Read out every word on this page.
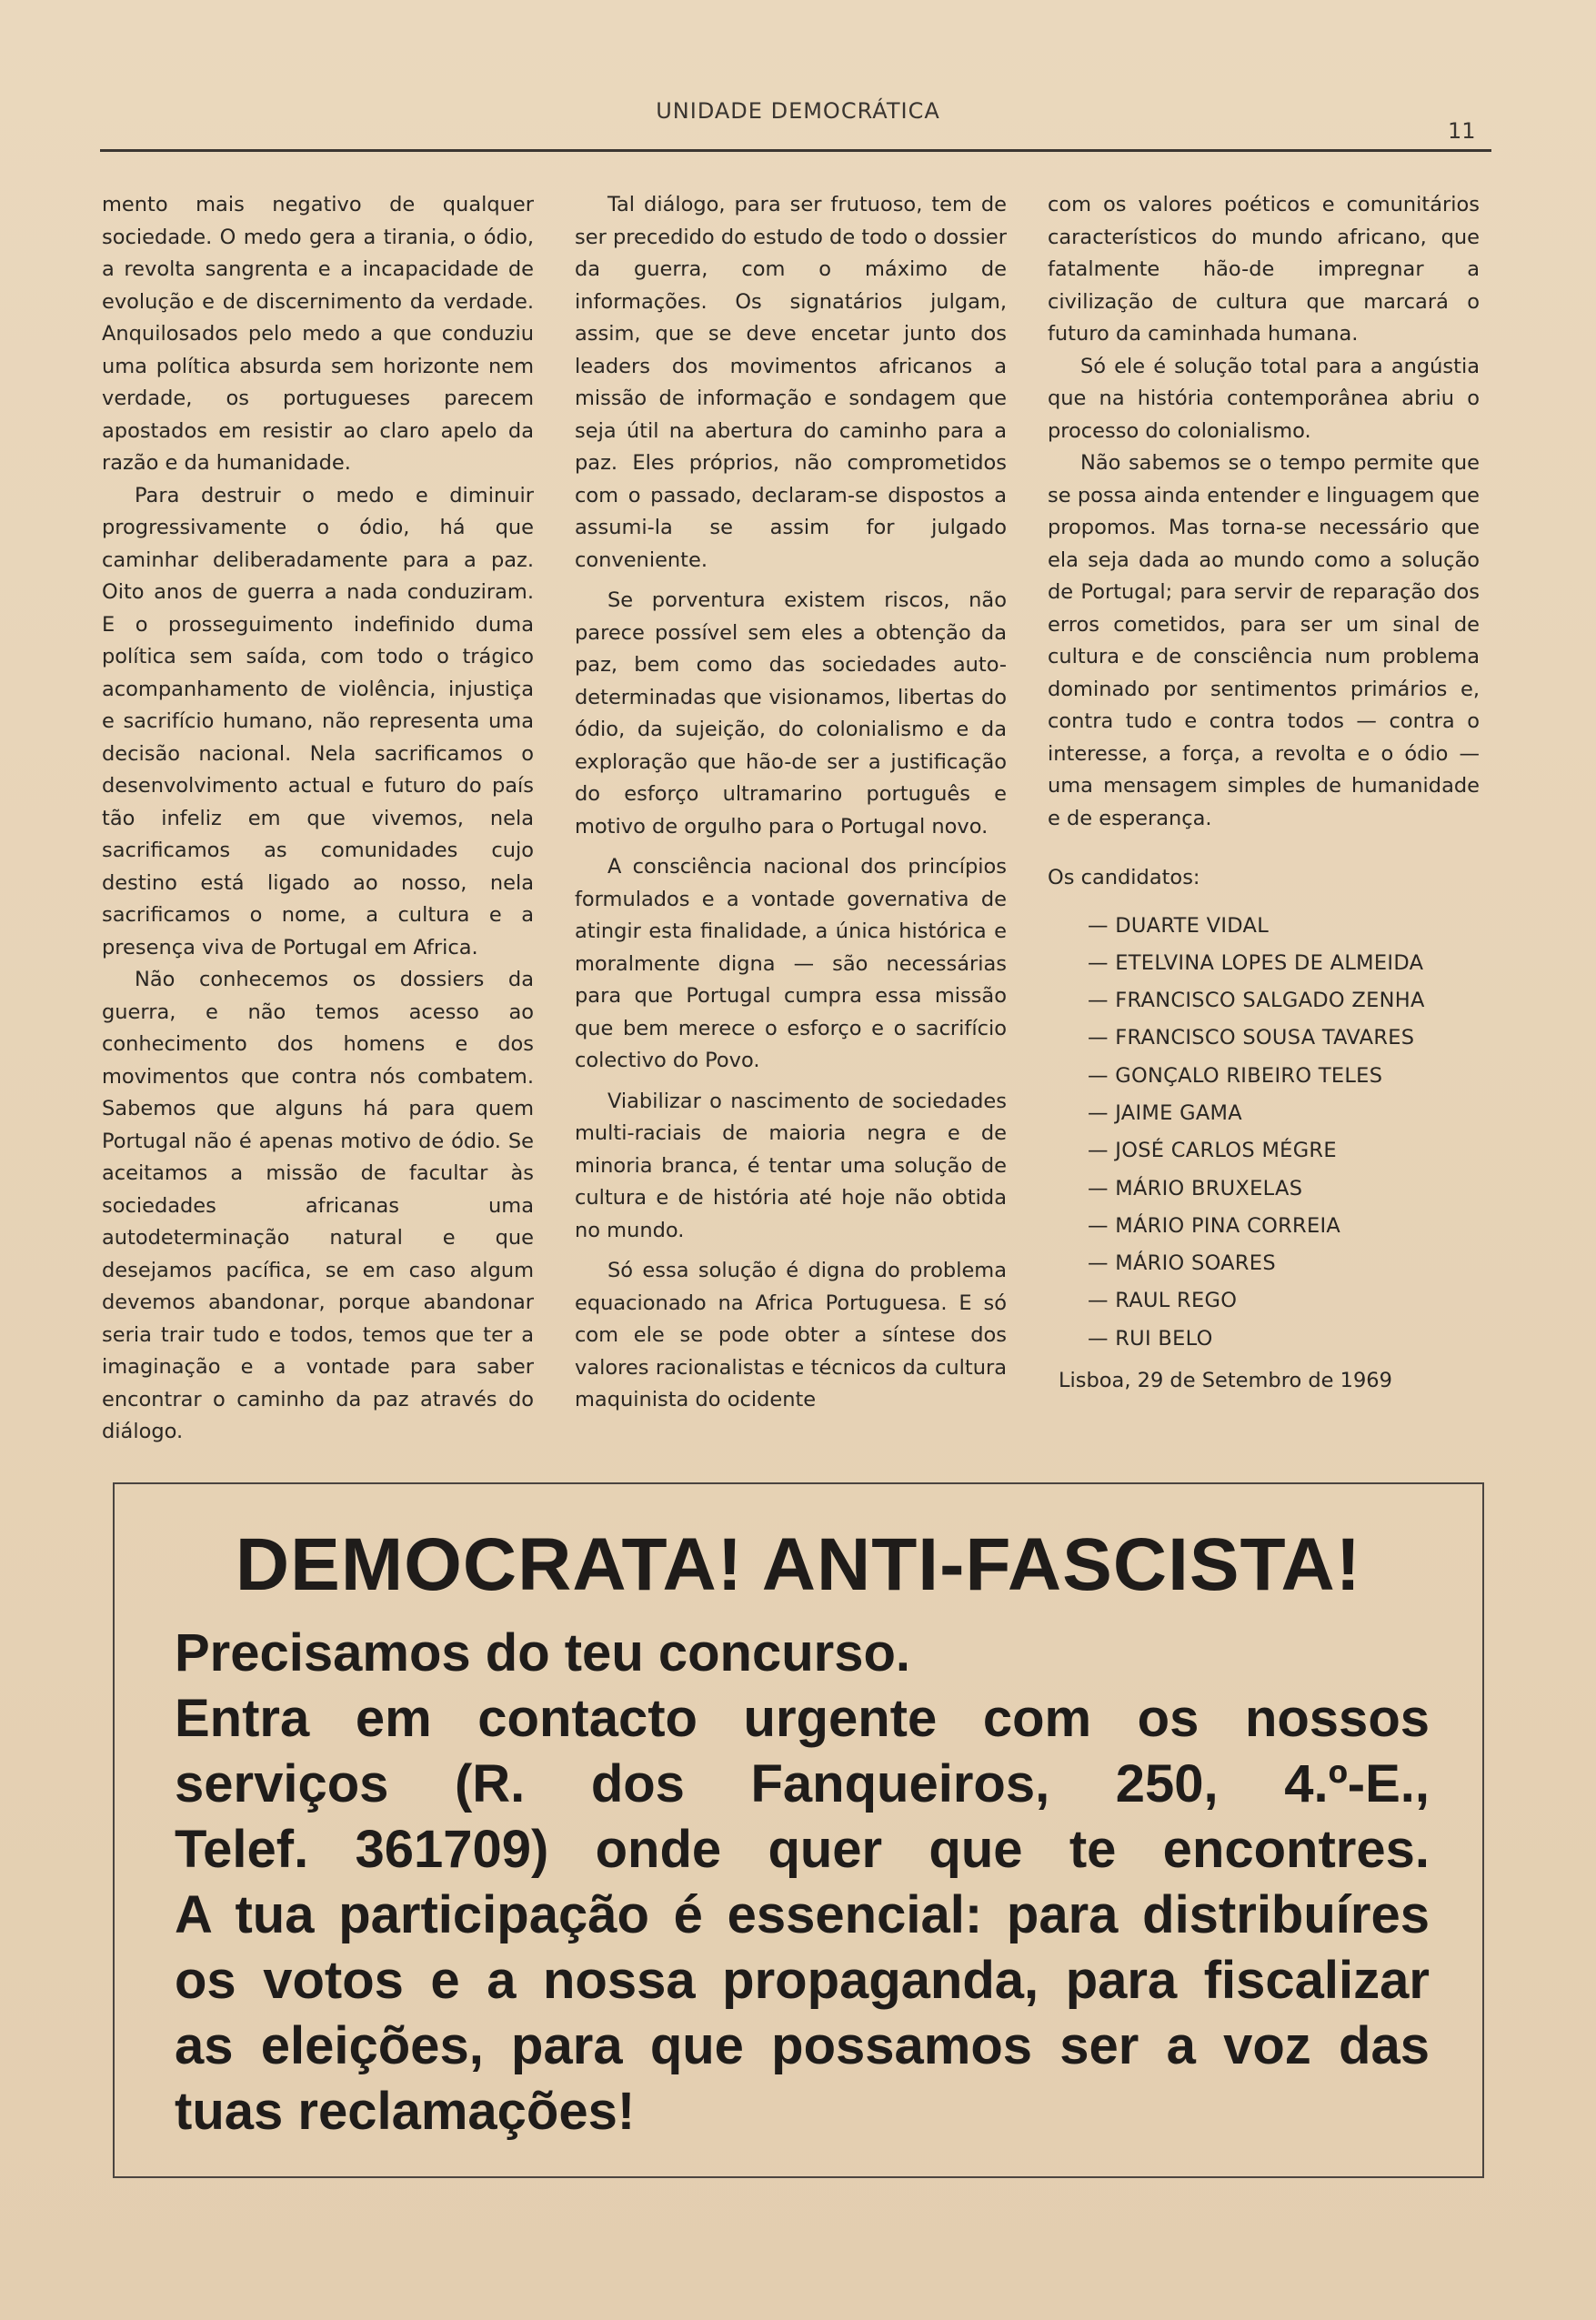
UNIDADE DEMOCRÁTICA
11

mento mais negativo de qualquer sociedade. O medo gera a tirania, o ódio, a revolta sangrenta e a incapacidade de evolução e de discernimento da verdade. Anquilosados pelo medo a que conduziu uma política absurda sem horizonte nem verdade, os portugueses parecem apostados em resistir ao claro apelo da razão e da humanidade.

Para destruir o medo e diminuir progressivamente o ódio, há que caminhar deliberadamente para a paz. Oito anos de guerra a nada conduziram. E o prosseguimento indefinido duma política sem saída, com todo o trágico acompanhamento de violência, injustiça e sacrifício humano, não representa uma decisão nacional. Nela sacrificamos o desenvolvimento actual e futuro do país tão infeliz em que vivemos, nela sacrificamos as comunidades cujo destino está ligado ao nosso, nela sacrificamos o nome, a cultura e a presença viva de Portugal em Africa.

Não conhecemos os dossiers da guerra, e não temos acesso ao conhecimento dos homens e dos movimentos que contra nós combatem. Sabemos que alguns há para quem Portugal não é apenas motivo de ódio. Se aceitamos a missão de facultar às sociedades africanas uma autodeterminação natural e que desejamos pacífica, se em caso algum devemos abandonar, porque abandonar seria trair tudo e todos, temos que ter a imaginação e a vontade para saber encontrar o caminho da paz através do diálogo.

Tal diálogo, para ser frutuoso, tem de ser precedido do estudo de todo o dossier da guerra, com o máximo de informações. Os signatários julgam, assim, que se deve encetar junto dos leaders dos movimentos africanos a missão de informação e sondagem que seja útil na abertura do caminho para a paz. Eles próprios, não comprometidos com o passado, declaram-se dispostos a assumi-la se assim for julgado conveniente.

Se porventura existem riscos, não parece possível sem eles a obtenção da paz, bem como das sociedades auto-determinadas que visionamos, libertas do ódio, da sujeição, do colonialismo e da exploração que hão-de ser a justificação do esforço ultramarino português e motivo de orgulho para o Portugal novo.

A consciência nacional dos princípios formulados e a vontade governativa de atingir esta finalidade, a única histórica e moralmente digna — são necessárias para que Portugal cumpra essa missão que bem merece o esforço e o sacrifício colectivo do Povo.

Viabilizar o nascimento de sociedades multi-raciais de maioria negra e de minoria branca, é tentar uma solução de cultura e de história até hoje não obtida no mundo.

Só essa solução é digna do problema equacionado na Africa Portuguesa. E só com ele se pode obter a síntese dos valores racionalistas e técnicos da cultura maquinista do ocidente

com os valores poéticos e comunitários característicos do mundo africano, que fatalmente hão-de impregnar a civilização de cultura que marcará o futuro da caminhada humana.

Só ele é solução total para a angústia que na história contemporânea abriu o processo do colonialismo.

Não sabemos se o tempo permite que se possa ainda entender e linguagem que propomos. Mas torna-se necessário que ela seja dada ao mundo como a solução de Portugal; para servir de reparação dos erros cometidos, para ser um sinal de cultura e de consciência num problema dominado por sentimentos primários e, contra tudo e contra todos — contra o interesse, a força, a revolta e o ódio — uma mensagem simples de humanidade e de esperança.

Os candidatos:

— DUARTE VIDAL
— ETELVINA LOPES DE ALMEIDA
— FRANCISCO SALGADO ZENHA
— FRANCISCO SOUSA TAVARES
— GONÇALO RIBEIRO TELES
— JAIME GAMA
— JOSÉ CARLOS MÉGRE
— MÁRIO BRUXELAS
— MÁRIO PINA CORREIA
— MÁRIO SOARES
— RAUL REGO
— RUI BELO

Lisboa, 29 de Setembro de 1969

DEMOCRATA! ANTI-FASCISTA!
Precisamos do teu concurso.
Entra em contacto urgente com os nossos
serviços (R. dos Fanqueiros, 250, 4.º-E.,
Telef. 361709) onde quer que te encontres.
A tua participação é essencial: para distribuíres
os votos e a nossa propaganda, para fiscalizar
as eleições, para que possamos ser a voz das
tuas reclamações!
